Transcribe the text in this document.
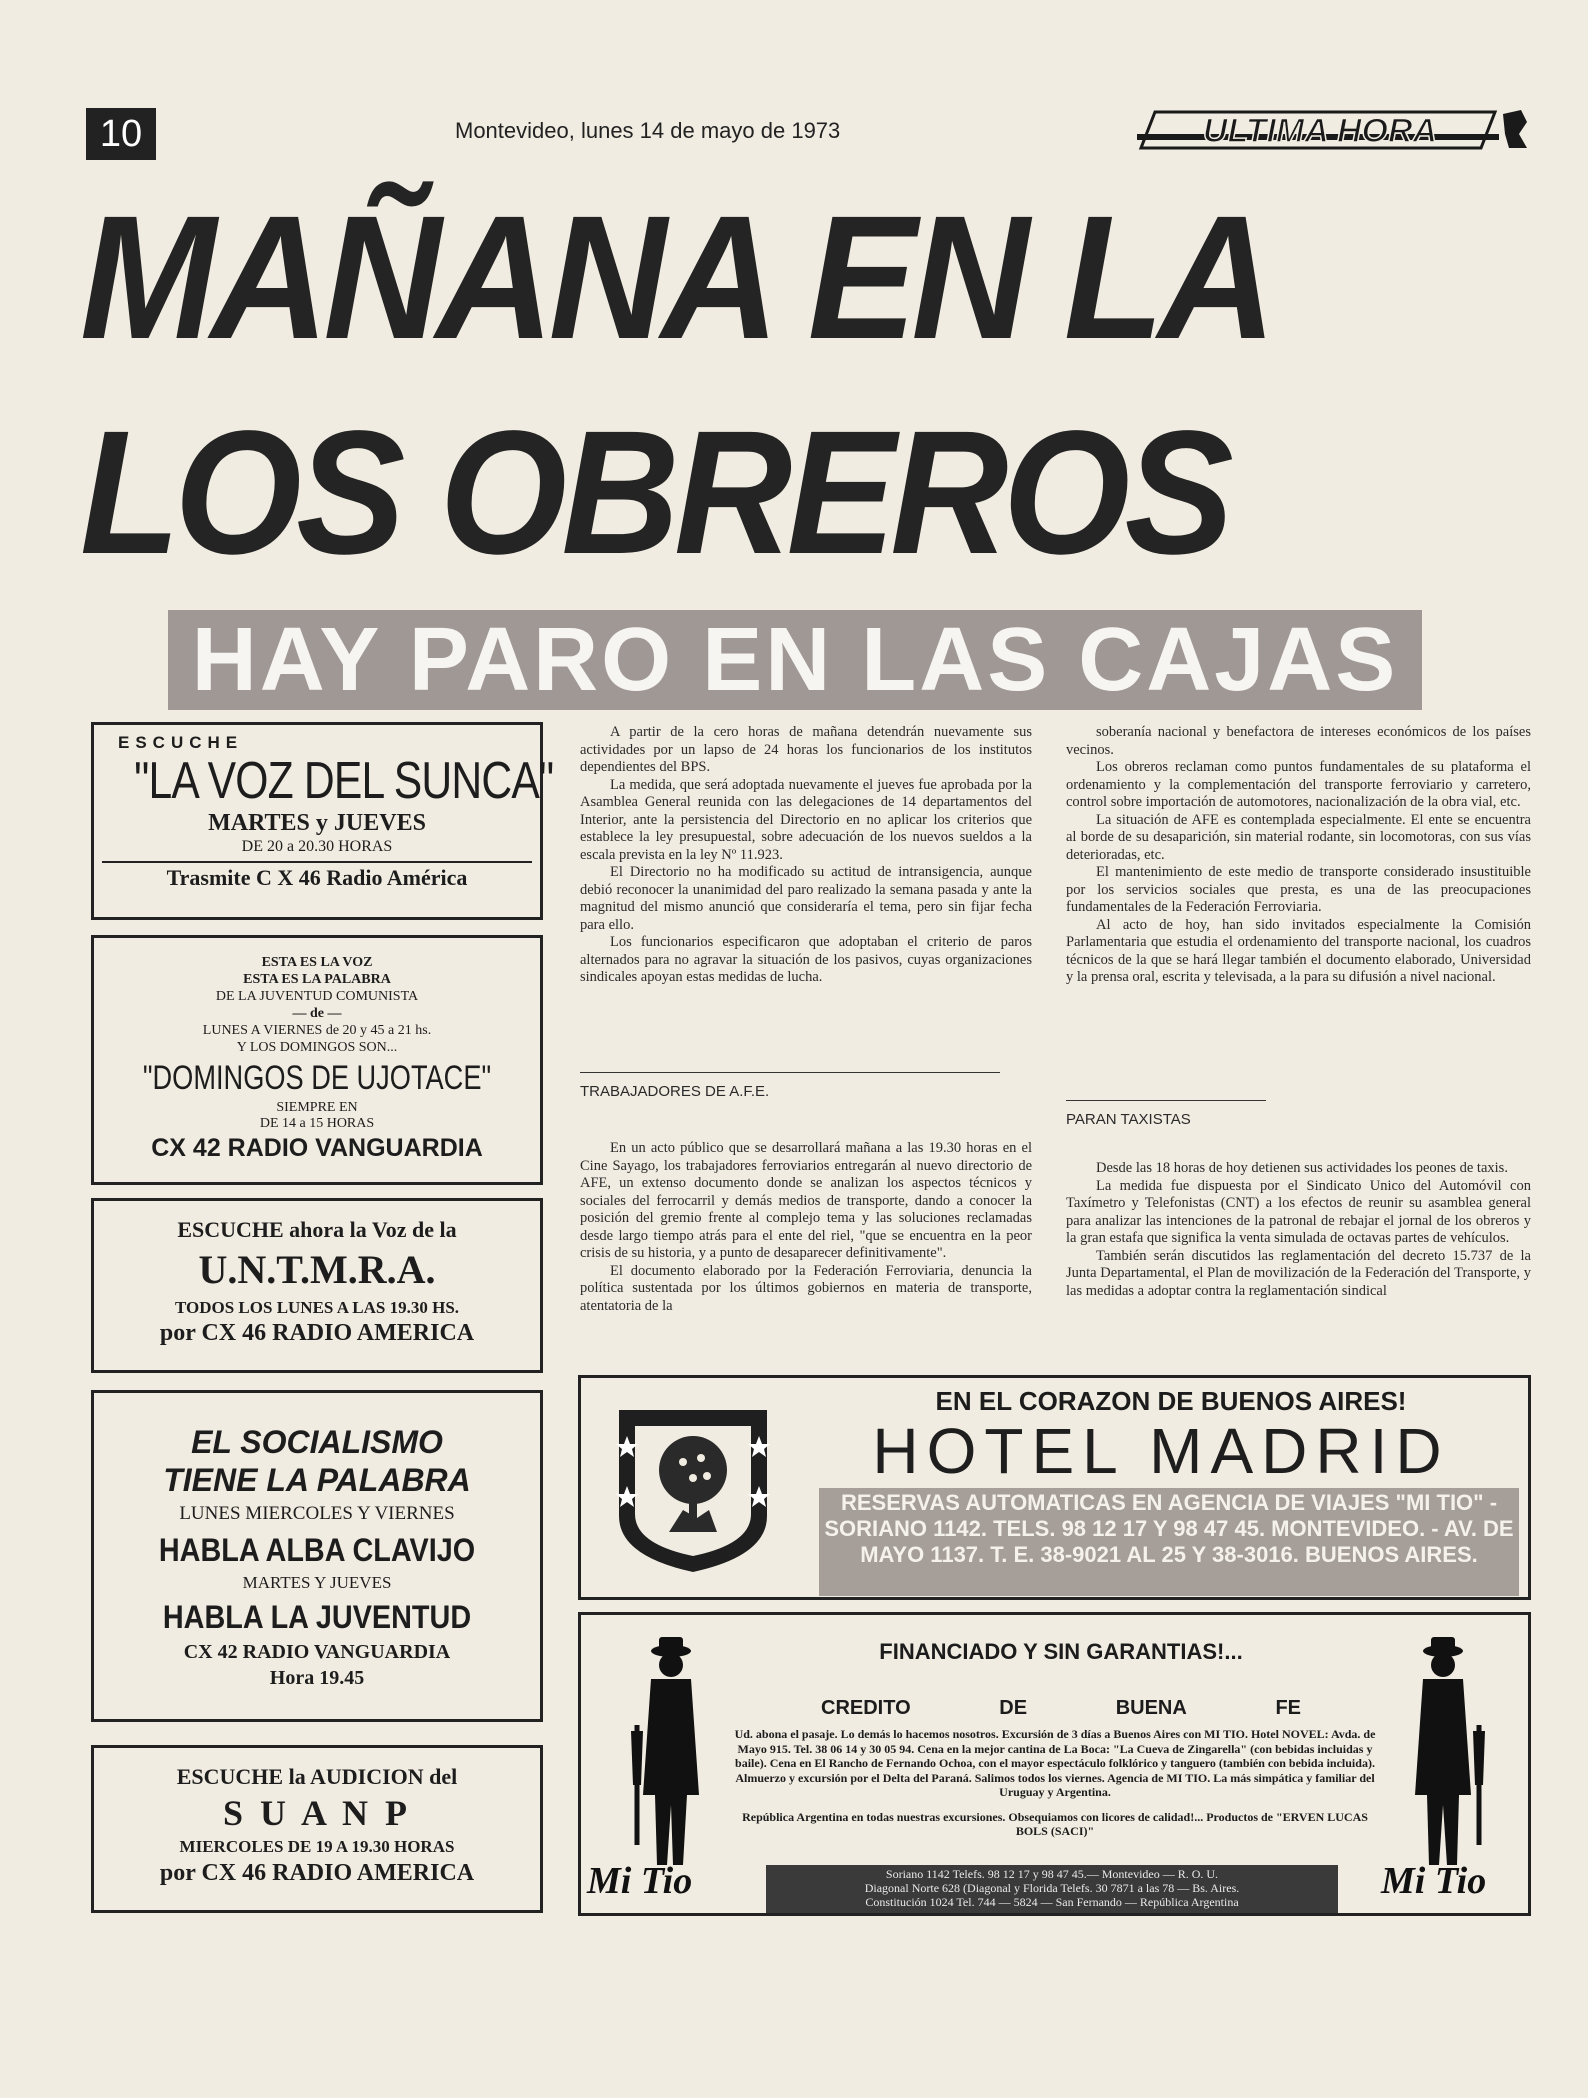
10	Montevideo, lunes 14 de mayo de 1973	ULTIMA HORA
MAÑANA EN LA
LOS OBREROS
HAY PARO EN LAS CAJAS
ESCUCHE
"LA VOZ DEL SUNCA"
MARTES y JUEVES
DE 20 a 20.30 HORAS
Trasmite C X 46 Radio América
ESTA ES LA VOZ
ESTA ES LA PALABRA
DE LA JUVENTUD COMUNISTA
— de —
LUNES A VIERNES de 20 y 45 a 21 hs.
Y LOS DOMINGOS SON...
"DOMINGOS DE UJOTACE"
SIEMPRE EN
DE 14 a 15 HORAS
CX 42 RADIO VANGUARDIA
ESCUCHE ahora la Voz de la
U.N.T.M.R.A.
TODOS LOS LUNES A LAS 19.30 HS.
por CX 46 RADIO AMERICA
EL SOCIALISMO
TIENE LA PALABRA
LUNES MIERCOLES Y VIERNES
HABLA ALBA CLAVIJO
MARTES Y JUEVES
HABLA LA JUVENTUD
CX 42 RADIO VANGUARDIA
Hora 19.45
ESCUCHE la AUDICION del
S U A N P
MIERCOLES DE 19 A 19.30 HORAS
por CX 46 RADIO AMERICA

A partir de la cero horas de mañana detendrán nuevamente sus actividades por un lapso de 24 horas los funcionarios de los institutos dependientes del BPS.

La medida, que será adoptada nuevamente el jueves fue aprobada por la Asamblea General reunida con las delegaciones de 14 departamentos del Interior, ante la persistencia del Directorio en no aplicar los criterios que establece la ley presupuestal, sobre adecuación de los nuevos sueldos a la escala prevista en la ley Nº 11.923.

El Directorio no ha modificado su actitud de intransigencia, aunque debió reconocer la unanimidad del paro realizado la semana pasada y ante la magnitud del mismo anunció que consideraría el tema, pero sin fijar fecha para ello.

Los funcionarios especificaron que adoptaban el criterio de paros alternados para no agravar la situación de los pasivos, cuyas organizaciones sindicales apoyan estas medidas de lucha.

TRABAJADORES DE A.F.E.

En un acto público que se desarrollará mañana a las 19.30 horas en el Cine Sayago, los trabajadores ferroviarios entregarán al nuevo directorio de AFE, un extenso documento donde se analizan los aspectos técnicos y sociales del ferrocarril y demás medios de transporte, dando a conocer la posición del gremio frente al complejo tema y las soluciones reclamadas desde largo tiempo atrás para el ente del riel, "que se encuentra en la peor crisis de su historia, y a punto de desaparecer definitivamente".

El documento elaborado por la Federación Ferroviaria, denuncia la política sustentada por los últimos gobiernos en materia de transporte, atentatoria de la

soberanía nacional y benefactora de intereses económicos de los países vecinos.

Los obreros reclaman como puntos fundamentales de su plataforma el ordenamiento y la complementación del transporte ferroviario y carretero, control sobre importación de automotores, nacionalización de la obra vial, etc.

La situación de AFE es contemplada especialmente. El ente se encuentra al borde de su desaparición, sin material rodante, sin locomotoras, con sus vías deterioradas, etc.

El mantenimiento de este medio de transporte considerado insustituible por los servicios sociales que presta, es una de las preocupaciones fundamentales de la Federación Ferroviaria.

Al acto de hoy, han sido invitados especialmente la Comisión Parlamentaria que estudia el ordenamiento del transporte nacional, los cuadros técnicos de la que se hará llegar también el documento elaborado, Universidad y la prensa oral, escrita y televisada, a la para su difusión a nivel nacional.

PARAN TAXISTAS

Desde las 18 horas de hoy detienen sus actividades los peones de taxis.

La medida fue dispuesta por el Sindicato Unico del Automóvil con Taxímetro y Telefonistas (CNT) a los efectos de reunir su asamblea general para analizar las intenciones de la patronal de rebajar el jornal de los obreros y la gran estafa que significa la venta simulada de octavas partes de vehículos.

También serán discutidos las reglamentación del decreto 15.737 de la Junta Departamental, el Plan de movilización de la Federación del Transporte, y las medidas a adoptar contra la reglamentación sindical

EN EL CORAZON DE BUENOS AIRES!
HOTEL MADRID
RESERVAS AUTOMATICAS EN AGENCIA DE VIAJES "MI TIO" - SORIANO 1142. TELS. 98 12 17 Y 98 47 45. MONTEVIDEO. - AV. DE MAYO 1137. T. E. 38-9021 AL 25 Y 38-3016. BUENOS AIRES.
Mi Tio	Mi Tio
FINANCIADO Y SIN GARANTIAS!...
CREDITO	DE	BUENA	FE

Ud. abona el pasaje. Lo demás lo hacemos nosotros. Excursión de 3 días a Buenos Aires con MI TIO. Hotel NOVEL: Avda. de Mayo 915. Tel. 38 06 14 y 30 05 94. Cena en la mejor cantina de La Boca: "La Cueva de Zingarella" (con bebidas incluidas y baile). Cena en El Rancho de Fernando Ochoa, con el mayor espectáculo folklórico y tanguero (también con bebida incluida). Almuerzo y excursión por el Delta del Paraná. Salimos todos los viernes. Agencia de MI TIO. La más simpática y familiar del Uruguay y Argentina.

República Argentina en todas nuestras excursiones. Obsequiamos con licores de calidad!... Productos de "ERVEN LUCAS BOLS (SACI)"

Soriano 1142 Telefs. 98 12 17 y 98 47 45.— Montevideo — R. O. U.
Diagonal Norte 628 (Diagonal y Florida Telefs. 30 7871 a las 78 — Bs. Aires.
Constitución 1024 Tel. 744 — 5824 — San Fernando — República Argentina
